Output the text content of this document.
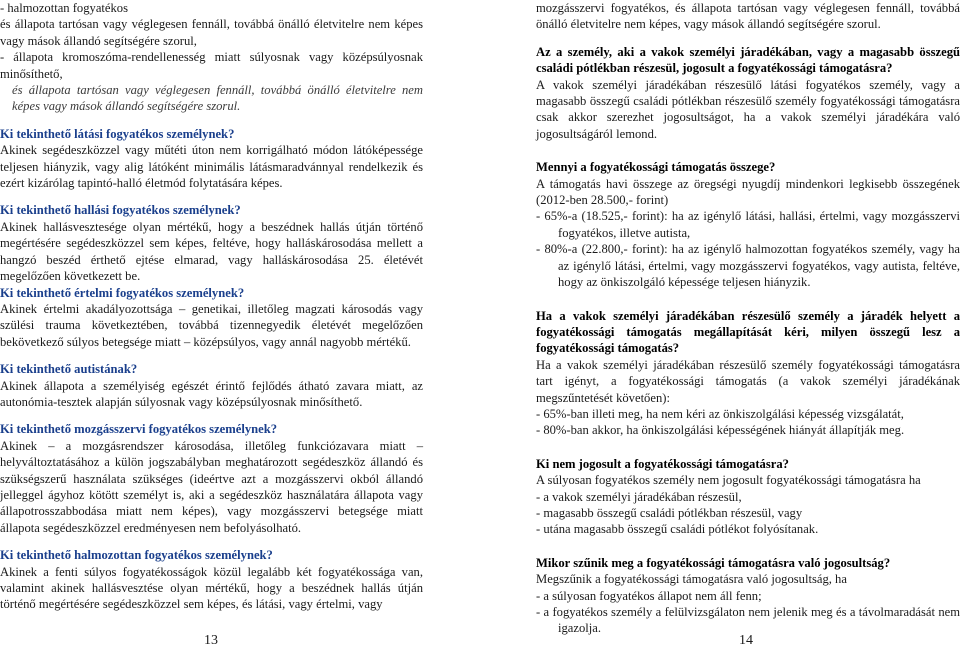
- halmozottan fogyatékos

és állapota tartósan vagy véglegesen fennáll, továbbá önálló életvitelre nem képes vagy mások állandó segítségére szorul,

- állapota kromoszóma-rendellenesség miatt súlyosnak vagy középsúlyosnak minősíthető,

és állapota tartósan vagy véglegesen fennáll, továbbá önálló életvitelre nem képes vagy mások állandó segítségére szorul.

Ki tekinthető látási fogyatékos személynek?

Akinek segédeszközzel vagy műtéti úton nem korrigálható módon látóképessége teljesen hiányzik, vagy alig látóként minimális látásmaradvánnyal rendelkezik és ezért kizárólag tapintó-halló életmód folytatására képes.

Ki tekinthető hallási fogyatékos személynek?

Akinek hallásvesztesége olyan mértékű, hogy a beszédnek hallás útján történő megértésére segédeszközzel sem képes, feltéve, hogy halláskárosodása mellett a hangzó beszéd érthető ejtése elmarad, vagy halláskárosodása 25. életévét megelőzően következett be.

Ki tekinthető értelmi fogyatékos személynek?

Akinek értelmi akadályozottsága – genetikai, illetőleg magzati károsodás vagy szülési trauma következtében, továbbá tizennegyedik életévét megelőzően bekövetkező súlyos betegsége miatt – középsúlyos, vagy annál nagyobb mértékű.

Ki tekinthető autistának?

Akinek állapota a személyiség egészét érintő fejlődés átható zavara miatt, az autonómia-tesztek alapján súlyosnak vagy középsúlyosnak minősíthető.

Ki tekinthető mozgásszervi fogyatékos személynek?

Akinek – a mozgásrendszer károsodása, illetőleg funkciózavara miatt – helyváltoztatásához a külön jogszabályban meghatározott segédeszköz állandó és szükségszerű használata szükséges (ideértve azt a mozgásszervi okból állandó jelleggel ágyhoz kötött személyt is, aki a segédeszköz használatára állapota vagy állapotrosszabbodása miatt nem képes), vagy mozgásszervi betegsége miatt állapota segédeszközzel eredményesen nem befolyásolható.

Ki tekinthető halmozottan fogyatékos személynek?

Akinek a fenti súlyos fogyatékosságok közül legalább két fogyatékossága van, valamint akinek hallásvesztése olyan mértékű, hogy a beszédnek hallás útján történő megértésére segédeszközzel sem képes, és látási, vagy értelmi, vagy

13

mozgásszervi fogyatékos, és állapota tartósan vagy véglegesen fennáll, továbbá önálló életvitelre nem képes, vagy mások állandó segítségére szorul.

Az a személy, aki a vakok személyi járadékában, vagy a magasabb összegű családi pótlékban részesül, jogosult a fogyatékossági támogatásra?

A vakok személyi járadékában részesülő látási fogyatékos személy, vagy a magasabb összegű családi pótlékban részesülő személy fogyatékossági támogatásra csak akkor szerezhet jogosultságot, ha a vakok személyi járadékára való jogosultságáról lemond.

Mennyi a fogyatékossági támogatás összege?

A támogatás havi összege az öregségi nyugdíj mindenkori legkisebb összegének (2012-ben 28.500,- forint)

- 65%-a (18.525,- forint): ha az igénylő látási, hallási, értelmi, vagy mozgásszervi fogyatékos, illetve autista,

- 80%-a (22.800,- forint): ha az igénylő halmozottan fogyatékos személy, vagy ha az igénylő látási, értelmi, vagy mozgásszervi fogyatékos, vagy autista, feltéve, hogy az önkiszolgáló képessége teljesen hiányzik.

Ha a vakok személyi járadékában részesülő személy a járadék helyett a fogyatékossági támogatás megállapítását kéri, milyen összegű lesz a fogyatékossági támogatás?

Ha a vakok személyi járadékában részesülő személy fogyatékossági támogatásra tart igényt, a fogyatékossági támogatás (a vakok személyi járadékának megszűntetését követően):

- 65%-ban illeti meg, ha nem kéri az önkiszolgálási képesség vizsgálatát,

- 80%-ban akkor, ha önkiszolgálási képességének hiányát állapítják meg.

Ki nem jogosult a fogyatékossági támogatásra?

A súlyosan fogyatékos személy nem jogosult fogyatékossági támogatásra ha

- a vakok személyi járadékában részesül,

- magasabb összegű családi pótlékban részesül, vagy

- utána magasabb összegű családi pótlékot folyósítanak.

Mikor szűnik meg a fogyatékossági támogatásra való jogosultság?

Megszűnik a fogyatékossági támogatásra való jogosultság, ha

- a súlyosan fogyatékos állapot nem áll fenn;

- a fogyatékos személy a felülvizsgálaton nem jelenik meg és a távolmaradását nem igazolja.

14
